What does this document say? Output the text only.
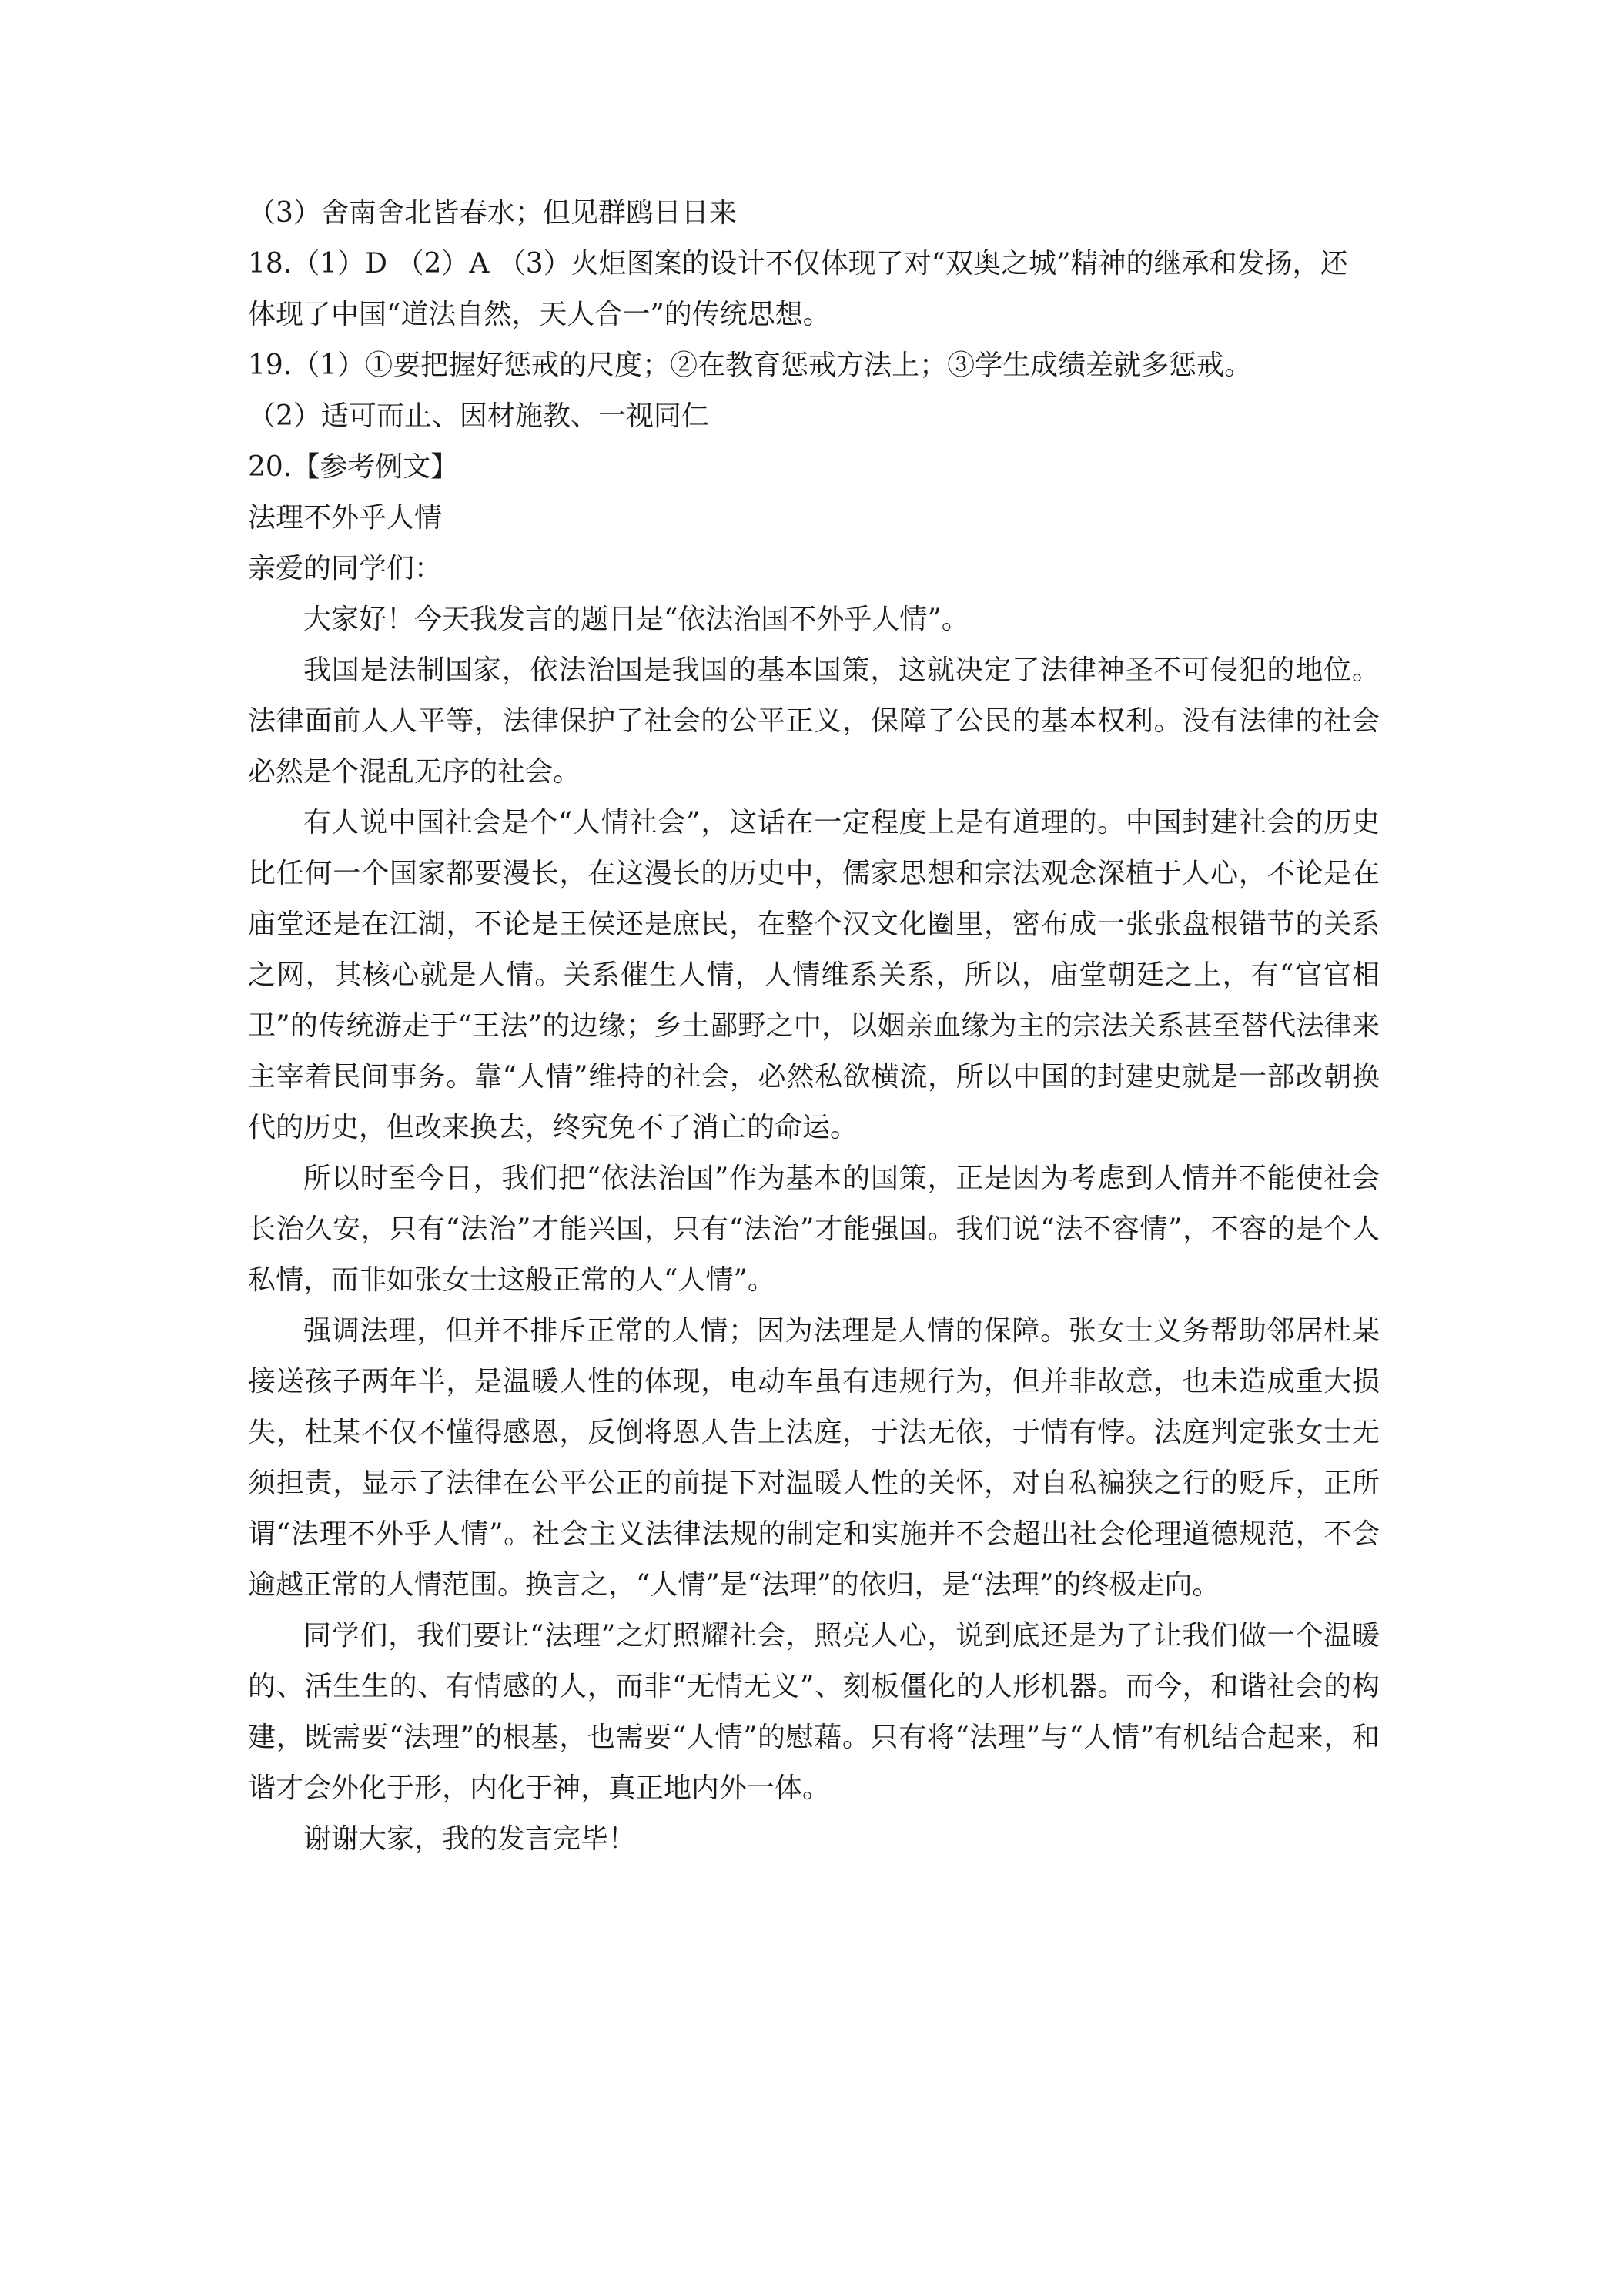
（3）舍南舍北皆春水；但见群鸥日日来

18.（1）D （2）A （3）火炬图案的设计不仅体现了对“双奥之城”精神的继承和发扬，还

体现了中国“道法自然，天人合一”的传统思想。

19.（1）①要把握好惩戒的尺度；②在教育惩戒方法上；③学生成绩差就多惩戒。

（2）适可而止、因材施教、一视同仁

20.【参考例文】

法理不外乎人情

亲爱的同学们：

大家好！今天我发言的题目是“依法治国不外乎人情”。

我国是法制国家，依法治国是我国的基本国策，这就决定了法律神圣不可侵犯的地位。法律面前人人平等，法律保护了社会的公平正义，保障了公民的基本权利。没有法律的社会必然是个混乱无序的社会。

有人说中国社会是个“人情社会”，这话在一定程度上是有道理的。中国封建社会的历史比任何一个国家都要漫长，在这漫长的历史中，儒家思想和宗法观念深植于人心，不论是在庙堂还是在江湖，不论是王侯还是庶民，在整个汉文化圈里，密布成一张张盘根错节的关系之网，其核心就是人情。关系催生人情，人情维系关系，所以，庙堂朝廷之上，有“官官相卫”的传统游走于“王法”的边缘；乡土鄙野之中，以姻亲血缘为主的宗法关系甚至替代法律来主宰着民间事务。靠“人情”维持的社会，必然私欲横流，所以中国的封建史就是一部改朝换代的历史，但改来换去，终究免不了消亡的命运。

所以时至今日，我们把“依法治国”作为基本的国策，正是因为考虑到人情并不能使社会长治久安，只有“法治”才能兴国，只有“法治”才能强国。我们说“法不容情”，不容的是个人私情，而非如张女士这般正常的人“人情”。

强调法理，但并不排斥正常的人情；因为法理是人情的保障。张女士义务帮助邻居杜某接送孩子两年半，是温暖人性的体现，电动车虽有违规行为，但并非故意，也未造成重大损失，杜某不仅不懂得感恩，反倒将恩人告上法庭，于法无依，于情有悖。法庭判定张女士无须担责，显示了法律在公平公正的前提下对温暖人性的关怀，对自私褊狭之行的贬斥，正所谓“法理不外乎人情”。社会主义法律法规的制定和实施并不会超出社会伦理道德规范，不会逾越正常的人情范围。换言之，“人情”是“法理”的依归，是“法理”的终极走向。

同学们，我们要让“法理”之灯照耀社会，照亮人心，说到底还是为了让我们做一个温暖的、活生生的、有情感的人，而非“无情无义”、刻板僵化的人形机器。而今，和谐社会的构建，既需要“法理”的根基，也需要“人情”的慰藉。只有将“法理”与“人情”有机结合起来，和谐才会外化于形，内化于神，真正地内外一体。

谢谢大家，我的发言完毕！
